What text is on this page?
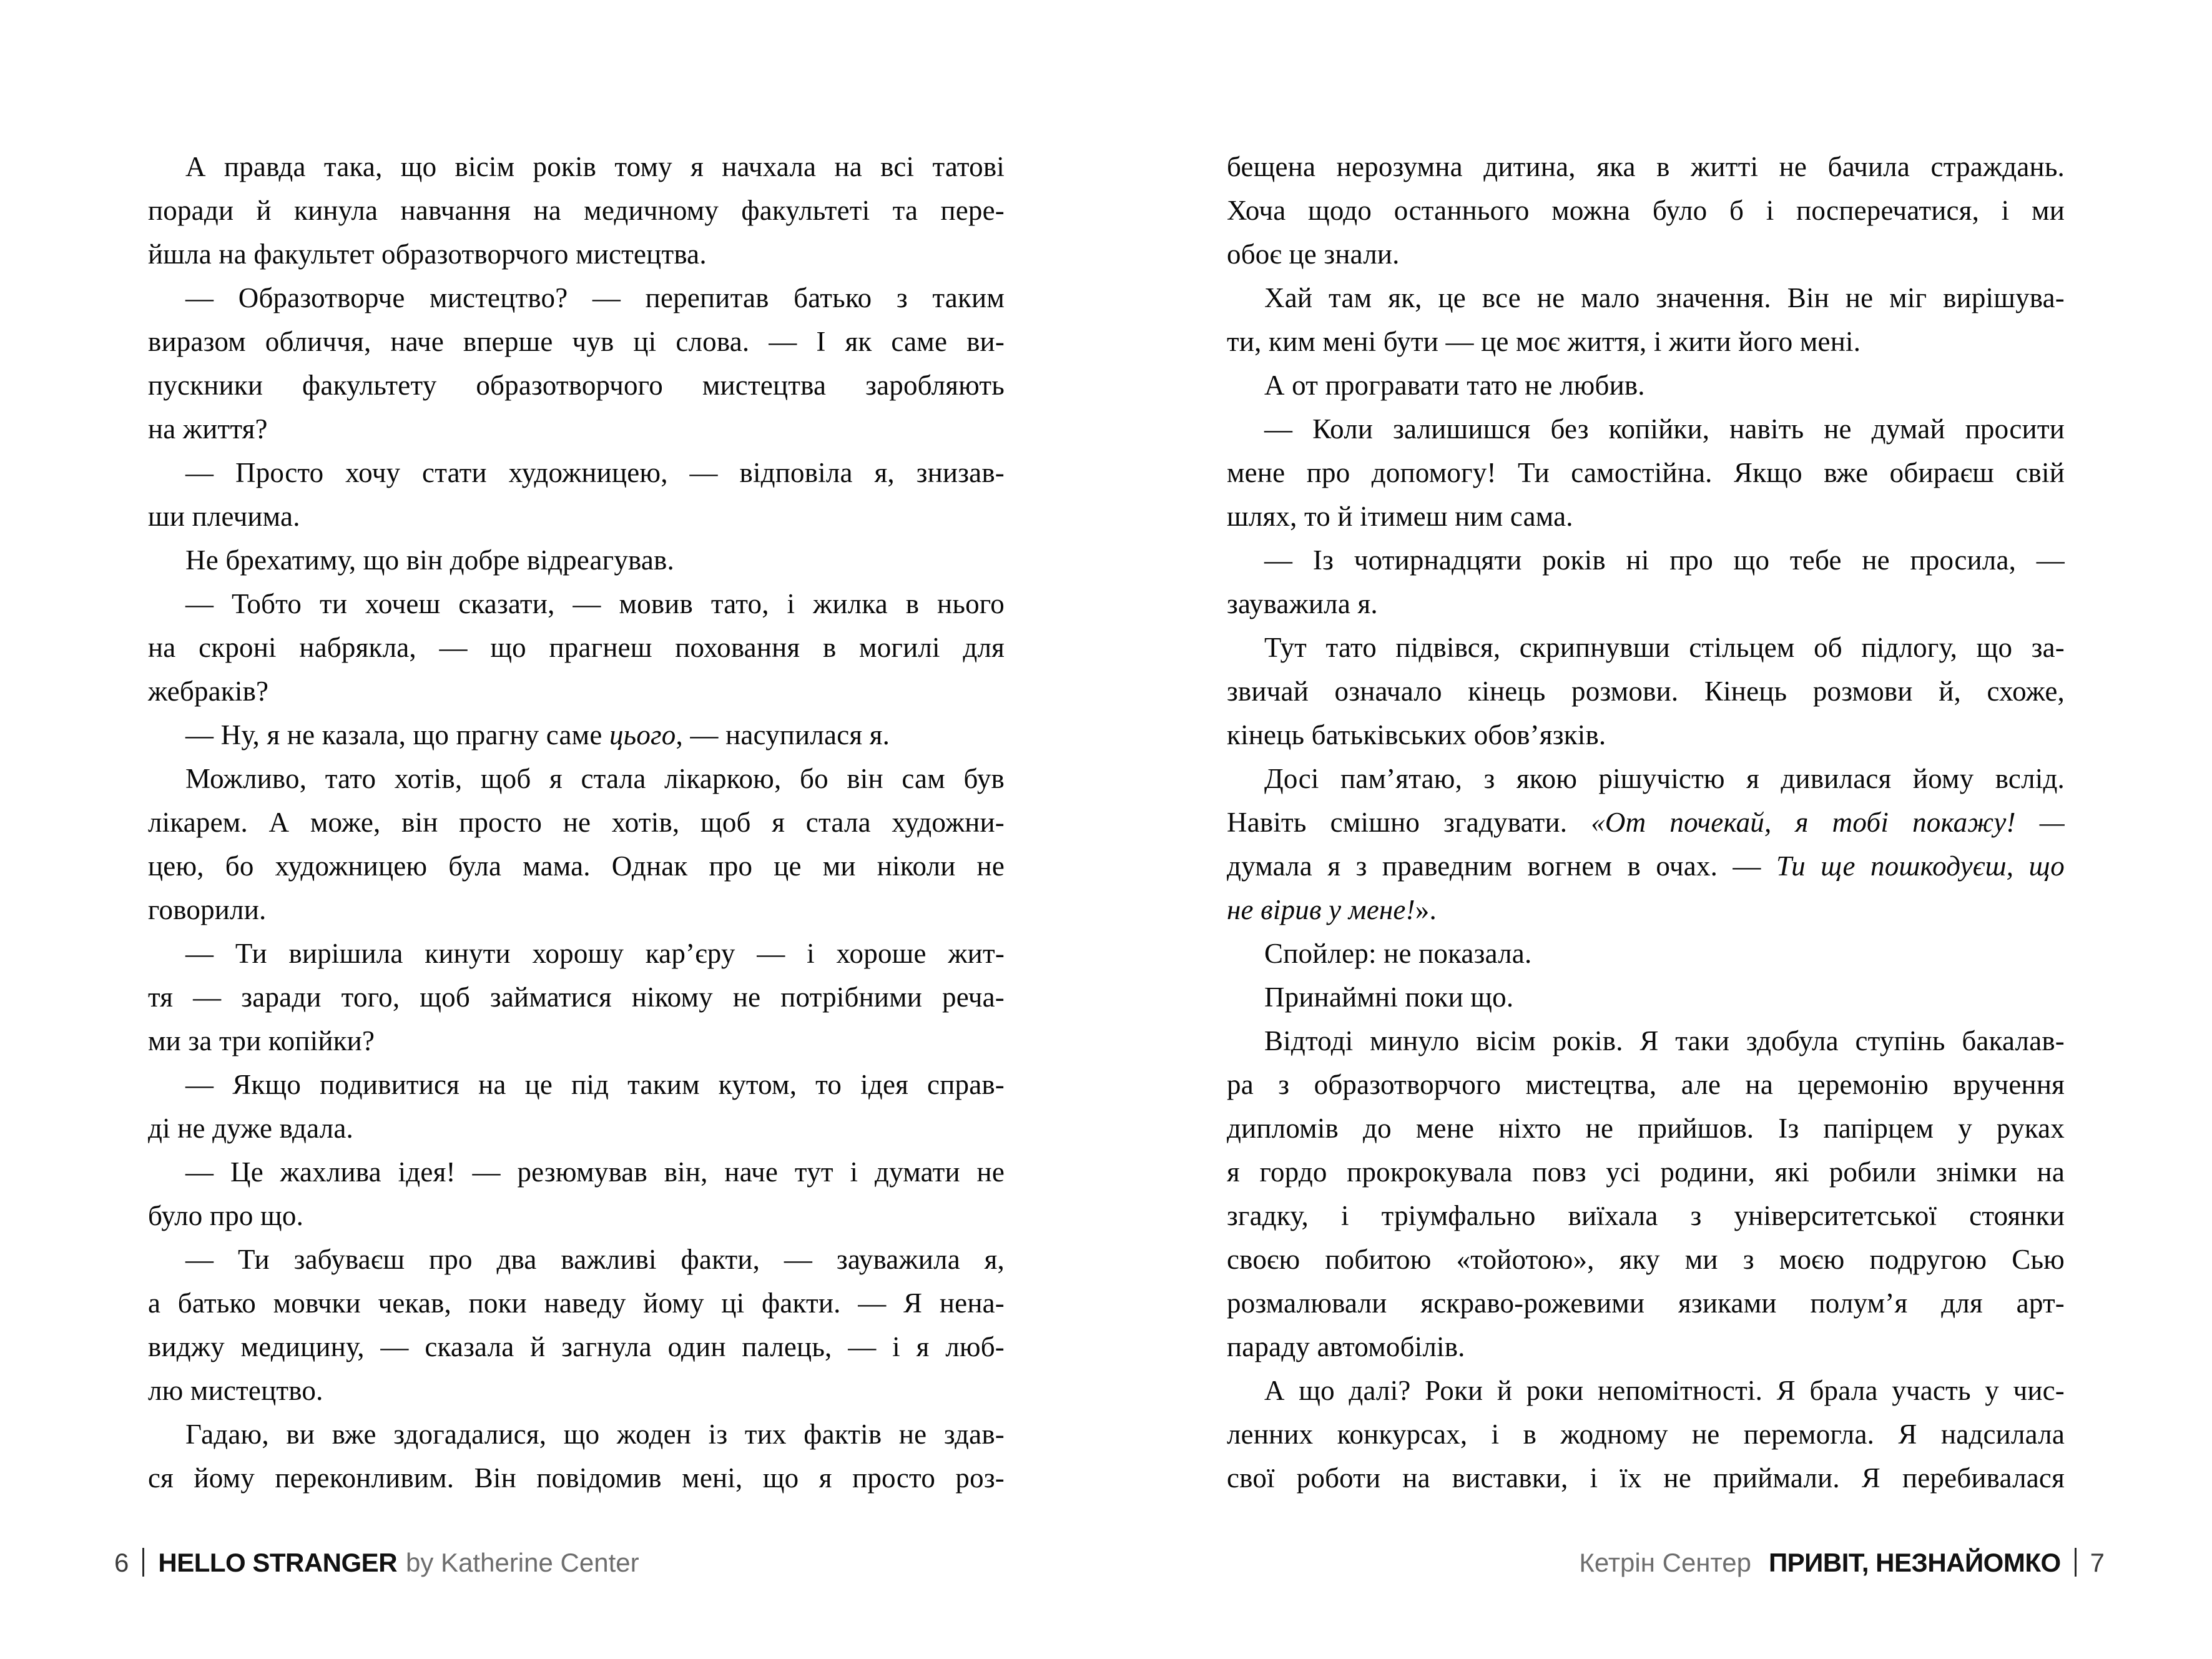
А правда така, що вісім років тому я начхала на всі татові
поради й кинула навчання на медичному факультеті та пере-
йшла на факультет образотворчого мистецтва.
— Образотворче мистецтво? — перепитав батько з таким
виразом обличчя, наче вперше чув ці слова. — І як саме ви-
пускники факультету образотворчого мистецтва заробляють
на життя?
— Просто хочу стати художницею, — відповіла я, знизав-
ши плечима.
Не брехатиму, що він добре відреагував.
— Тобто ти хочеш сказати, — мовив тато, і жилка в нього
на скроні набрякла, — що прагнеш поховання в могилі для
жебраків?
— Ну, я не казала, що прагну саме цього, — насупилася я.
Можливо, тато хотів, щоб я стала лікаркою, бо він сам був
лікарем. А може, він просто не хотів, щоб я стала художни-
цею, бо художницею була мама. Однак про це ми ніколи не
говорили.
— Ти вирішила кинути хорошу кар’єру — і хороше жит-
тя — заради того, щоб займатися нікому не потрібними реча-
ми за три копійки?
— Якщо подивитися на це під таким кутом, то ідея справ-
ді не дуже вдала.
— Це жахлива ідея! — резюмував він, наче тут і думати не
було про що.
— Ти забуваєш про два важливі факти, — зауважила я,
а батько мовчки чекав, поки наведу йому ці факти. — Я нена-
виджу медицину, — сказала й загнула один палець, — і я люб-
лю мистецтво.
Гадаю, ви вже здогадалися, що жоден із тих фактів не здав-
ся йому переконливим. Він повідомив мені, що я просто роз-
бещена нерозумна дитина, яка в житті не бачила страждань.
Хоча щодо останнього можна було б і посперечатися, і ми
обоє це знали.
Хай там як, це все не мало значення. Він не міг вирішува-
ти, ким мені бути — це моє життя, і жити його мені.
А от програвати тато не любив.
— Коли залишишся без копійки, навіть не думай просити
мене про допомогу! Ти самостійна. Якщо вже обираєш свій
шлях, то й ітимеш ним сама.
— Із чотирнадцяти років ні про що тебе не просила, —
зауважила я.
Тут тато підвівся, скрипнувши стільцем об підлогу, що за-
звичай означало кінець розмови. Кінець розмови й, схоже,
кінець батьківських обов’язків.
Досі пам’ятаю, з якою рішучістю я дивилася йому вслід.
Навіть смішно згадувати. «От почекай, я тобі покажу! —
думала я з праведним вогнем в очах. — Ти ще пошкодуєш, що
не вірив у мене!».
Спойлер: не показала.
Принаймні поки що.
Відтоді минуло вісім років. Я таки здобула ступінь бакалав-
ра з образотворчого мистецтва, але на церемонію вручення
дипломів до мене ніхто не прийшов. Із папірцем у руках
я гордо прокрокувала повз усі родини, які робили знімки на
згадку, і тріумфально виїхала з університетської стоянки
своєю побитою «тойотою», яку ми з моєю подругою Сью
розмалювали яскраво-рожевими язиками полум’я для арт-
параду автомобілів.
А що далі? Роки й роки непомітності. Я брала участь у чис-
ленних конкурсах, і в жодному не перемогла. Я надсилала
свої роботи на виставки, і їх не приймали. Я перебивалася
6 HELLO STRANGER by Katherine Center	Кетрін Сентер ПРИВІТ, НЕЗНАЙОМКО 7
